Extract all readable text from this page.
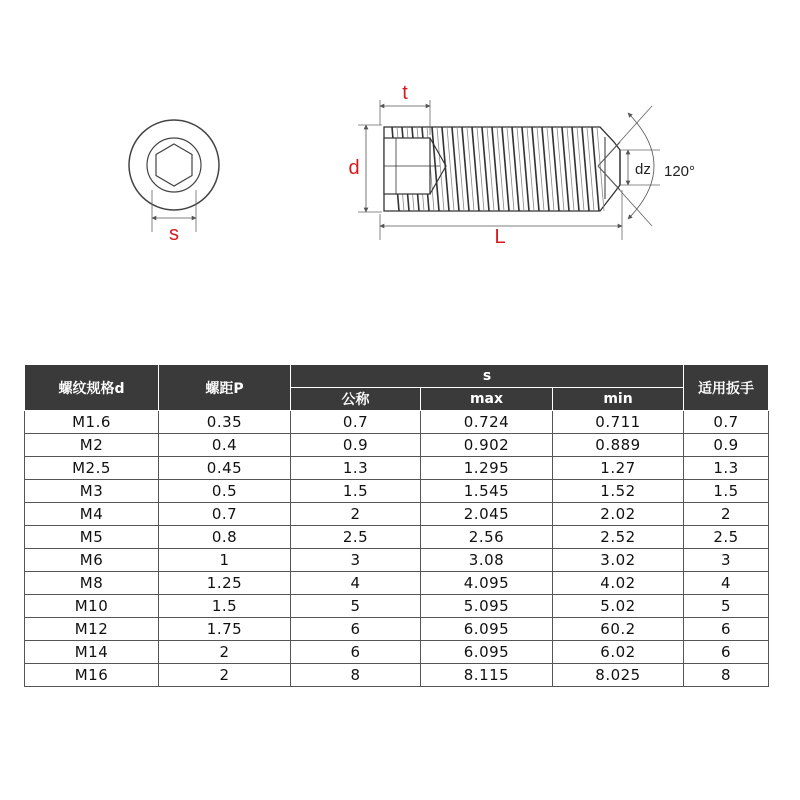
s
t
d
L
dz 120°
螺纹规格d	螺距P	s			适用扳手
		公称	max	min	
M1.6	0.35	0.7	0.724	0.711	0.7
M2	0.4	0.9	0.902	0.889	0.9
M2.5	0.45	1.3	1.295	1.27	1.3
M3	0.5	1.5	1.545	1.52	1.5
M4	0.7	2	2.045	2.02	2
M5	0.8	2.5	2.56	2.52	2.5
M6	1	3	3.08	3.02	3
M8	1.25	4	4.095	4.02	4
M10	1.5	5	5.095	5.02	5
M12	1.75	6	6.095	60.2	6
M14	2	6	6.095	6.02	6
M16	2	8	8.115	8.025	8
